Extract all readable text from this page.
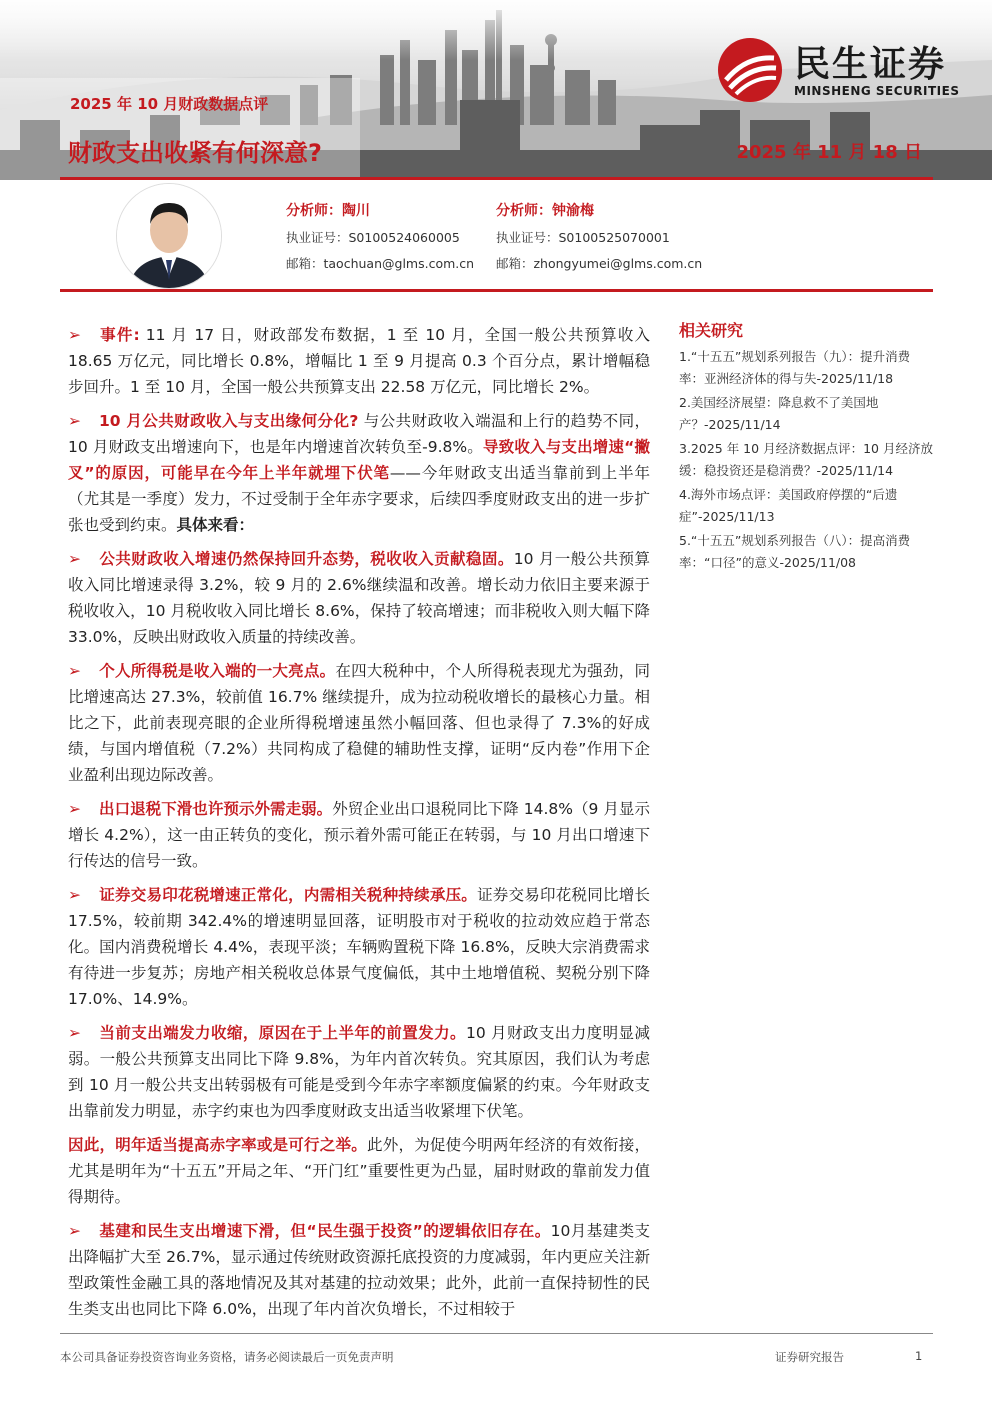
民生证券
MINSHENG SECURITIES
2025 年 10 月财政数据点评
财政支出收紧有何深意?	2025 年 11 月 18 日
分析师：陶川
执业证号：S0100524060005
邮箱：taochuan@glms.com.cn
分析师：钟渝梅
执业证号：S0100525070001
邮箱：zhongyumei@glms.com.cn

➢ 事件: 11 月 17 日，财政部发布数据，1 至 10 月，全国一般公共预算收入 18.65 万亿元，同比增长 0.8%，增幅比 1 至 9 月提高 0.3 个百分点，累计增幅稳步回升。1 至 10 月，全国一般公共预算支出 22.58 万亿元，同比增长 2%。

➢ 10 月公共财政收入与支出缘何分化? 与公共财政收入端温和上行的趋势不同，10 月财政支出增速向下，也是年内增速首次转负至-9.8%。导致收入与支出增速“撇叉”的原因，可能早在今年上半年就埋下伏笔——今年财政支出适当靠前到上半年（尤其是一季度）发力，不过受制于全年赤字要求，后续四季度财政支出的进一步扩张也受到约束。具体来看：

➢ 公共财政收入增速仍然保持回升态势，税收收入贡献稳固。10 月一般公共预算收入同比增速录得 3.2%，较 9 月的 2.6%继续温和改善。增长动力依旧主要来源于税收收入，10 月税收收入同比增长 8.6%，保持了较高增速；而非税收入则大幅下降 33.0%，反映出财政收入质量的持续改善。

➢ 个人所得税是收入端的一大亮点。在四大税种中，个人所得税表现尤为强劲，同比增速高达 27.3%，较前值 16.7% 继续提升，成为拉动税收增长的最核心力量。相比之下，此前表现亮眼的企业所得税增速虽然小幅回落、但也录得了 7.3%的好成绩，与国内增值税（7.2%）共同构成了稳健的辅助性支撑，证明“反内卷”作用下企业盈利出现边际改善。

➢ 出口退税下滑也许预示外需走弱。外贸企业出口退税同比下降 14.8%（9 月显示增长 4.2%），这一由正转负的变化，预示着外需可能正在转弱，与 10 月出口增速下行传达的信号一致。

➢ 证券交易印花税增速正常化，内需相关税种持续承压。证券交易印花税同比增长 17.5%，较前期 342.4%的增速明显回落，证明股市对于税收的拉动效应趋于常态化。国内消费税增长 4.4%，表现平淡；车辆购置税下降 16.8%，反映大宗消费需求有待进一步复苏；房地产相关税收总体景气度偏低，其中土地增值税、契税分别下降 17.0%、14.9%。

➢ 当前支出端发力收缩，原因在于上半年的前置发力。10 月财政支出力度明显减弱。一般公共预算支出同比下降 9.8%，为年内首次转负。究其原因，我们认为考虑到 10 月一般公共支出转弱极有可能是受到今年赤字率额度偏紧的约束。今年财政支出靠前发力明显，赤字约束也为四季度财政支出适当收紧埋下伏笔。

因此，明年适当提高赤字率或是可行之举。此外，为促使今明两年经济的有效衔接，尤其是明年为“十五五”开局之年、“开门红”重要性更为凸显，届时财政的靠前发力值得期待。

➢ 基建和民生支出增速下滑，但“民生强于投资”的逻辑依旧存在。10月基建类支出降幅扩大至 26.7%，显示通过传统财政资源托底投资的力度减弱，年内更应关注新型政策性金融工具的落地情况及其对基建的拉动效果；此外，此前一直保持韧性的民生类支出也同比下降 6.0%，出现了年内首次负增长，不过相较于

相关研究
1.“十五五”规划系列报告（九）：提升消费率：亚洲经济体的得与失-2025/11/18
2.美国经济展望：降息救不了美国地产？-2025/11/14
3.2025 年 10 月经济数据点评：10 月经济放缓：稳投资还是稳消费？-2025/11/14
4.海外市场点评：美国政府停摆的“后遗症”-2025/11/13
5.“十五五”规划系列报告（八）：提高消费率：“口径”的意义-2025/11/08
本公司具备证券投资咨询业务资格，请务必阅读最后一页免责声明	证券研究报告	1
